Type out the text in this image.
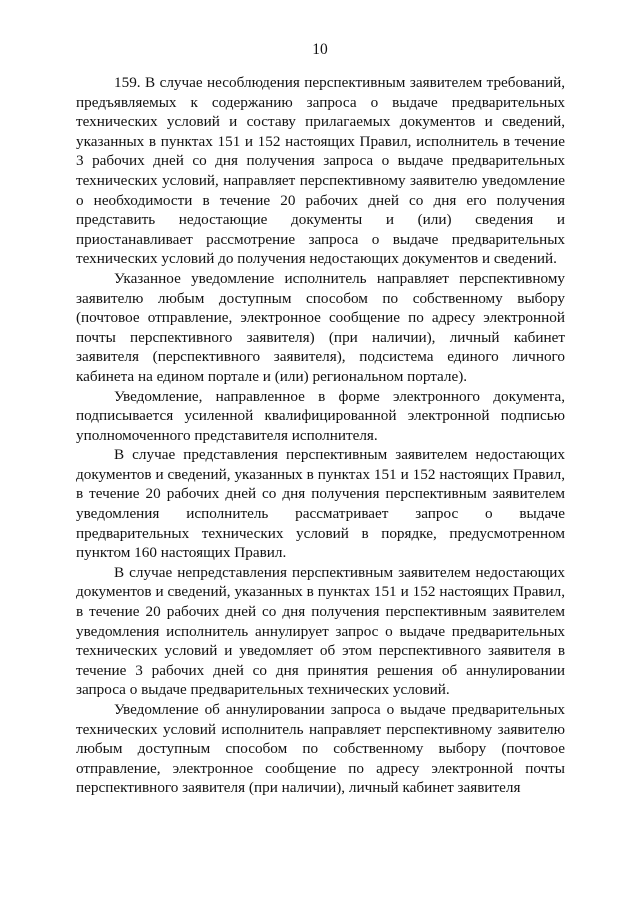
10

159. В случае несоблюдения перспективным заявителем требований, предъявляемых к содержанию запроса о выдаче предварительных технических условий и составу прилагаемых документов и сведений, указанных в пунктах 151 и 152 настоящих Правил, исполнитель в течение 3 рабочих дней со дня получения запроса о выдаче предварительных технических условий, направляет перспективному заявителю уведомление о необходимости в течение 20 рабочих дней со дня его получения представить недостающие документы и (или) сведения и приостанавливает рассмотрение запроса о выдаче предварительных технических условий до получения недостающих документов и сведений.

Указанное уведомление исполнитель направляет перспективному заявителю любым доступным способом по собственному выбору (почтовое отправление, электронное сообщение по адресу электронной почты перспективного заявителя) (при наличии), личный кабинет заявителя (перспективного заявителя), подсистема единого личного кабинета на едином портале и (или) региональном портале).

Уведомление, направленное в форме электронного документа, подписывается усиленной квалифицированной электронной подписью уполномоченного представителя исполнителя.

В случае представления перспективным заявителем недостающих документов и сведений, указанных в пунктах 151 и 152 настоящих Правил, в течение 20 рабочих дней со дня получения перспективным заявителем уведомления исполнитель рассматривает запрос о выдаче предварительных технических условий в порядке, предусмотренном пунктом 160 настоящих Правил.

В случае непредставления перспективным заявителем недостающих документов и сведений, указанных в пунктах 151 и 152 настоящих Правил, в течение 20 рабочих дней со дня получения перспективным заявителем уведомления исполнитель аннулирует запрос о выдаче предварительных технических условий и уведомляет об этом перспективного заявителя в течение 3 рабочих дней со дня принятия решения об аннулировании запроса о выдаче предварительных технических условий.

Уведомление об аннулировании запроса о выдаче предварительных технических условий исполнитель направляет перспективному заявителю любым доступным способом по собственному выбору (почтовое отправление, электронное сообщение по адресу электронной почты перспективного заявителя (при наличии), личный кабинет заявителя
